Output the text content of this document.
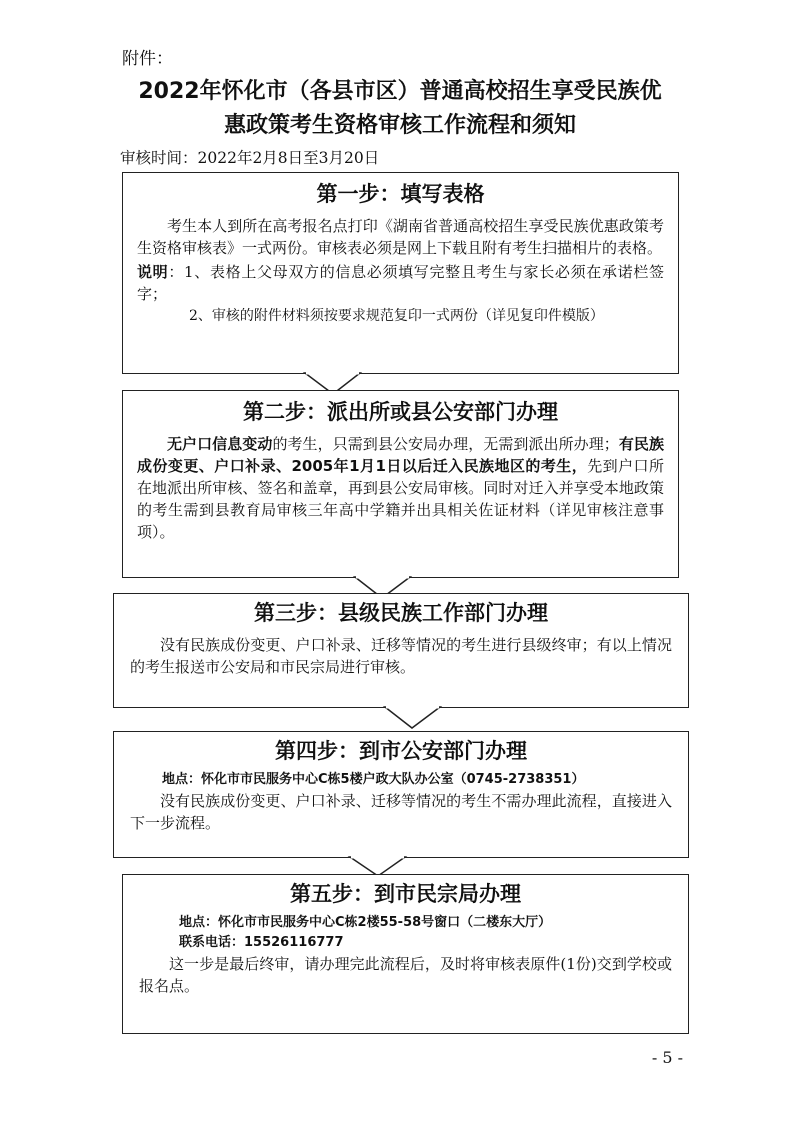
附件：
2022年怀化市（各县市区）普通高校招生享受民族优
惠政策考生资格审核工作流程和须知
审核时间：2022年2月8日至3月20日
第一步：填写表格
考生本人到所在高考报名点打印《湖南省普通高校招生享受民族优惠政策考生资格审核表》一式两份。审核表必须是网上下载且附有考生扫描相片的表格。
说明：1、表格上父母双方的信息必须填写完整且考生与家长必须在承诺栏签字；
2、审核的附件材料须按要求规范复印一式两份（详见复印件模版）
第二步：派出所或县公安部门办理
无户口信息变动的考生，只需到县公安局办理，无需到派出所办理；有民族成份变更、户口补录、2005年1月1日以后迁入民族地区的考生，先到户口所在地派出所审核、签名和盖章，再到县公安局审核。同时对迁入并享受本地政策的考生需到县教育局审核三年高中学籍并出具相关佐证材料（详见审核注意事项）。
第三步：县级民族工作部门办理
没有民族成份变更、户口补录、迁移等情况的考生进行县级终审；有以上情况的考生报送市公安局和市民宗局进行审核。
第四步：到市公安部门办理
地点：怀化市市民服务中心C栋5楼户政大队办公室（0745-2738351）
没有民族成份变更、户口补录、迁移等情况的考生不需办理此流程，直接进入下一步流程。
第五步：到市民宗局办理
地点：怀化市市民服务中心C栋2楼55-58号窗口（二楼东大厅）
联系电话：15526116777
这一步是最后终审，请办理完此流程后，及时将审核表原件(1份)交到学校或报名点。
- 5 -
